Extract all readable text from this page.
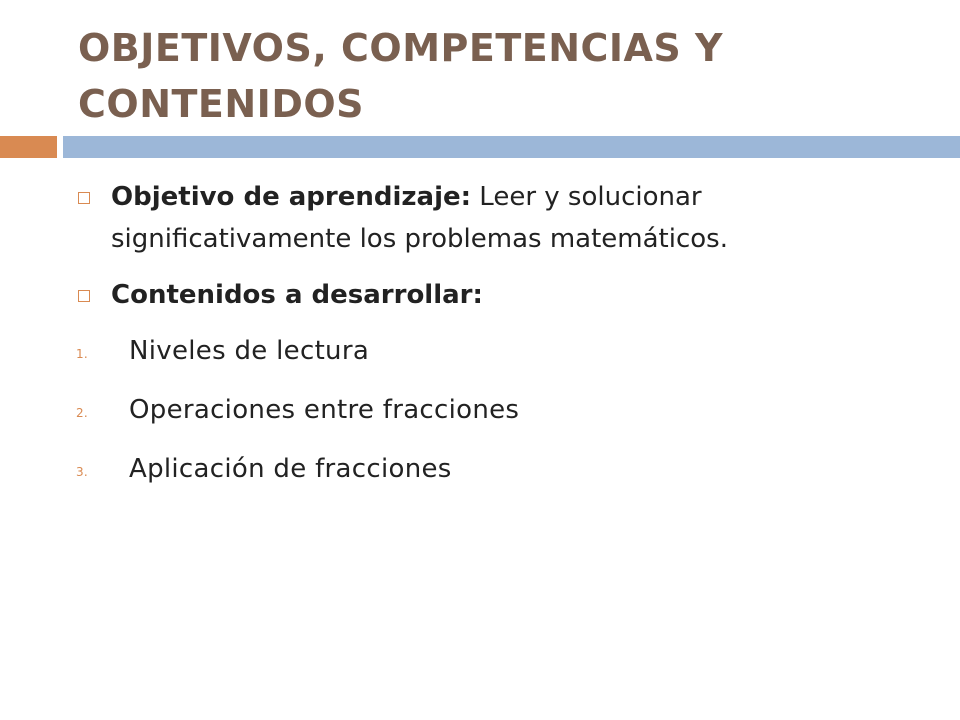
OBJETIVOS, COMPETENCIAS Y CONTENIDOS
Objetivo de aprendizaje: Leer y solucionar significativamente los problemas matemáticos.
Contenidos a desarrollar:
1. Niveles de lectura
2. Operaciones entre fracciones
3. Aplicación de fracciones
